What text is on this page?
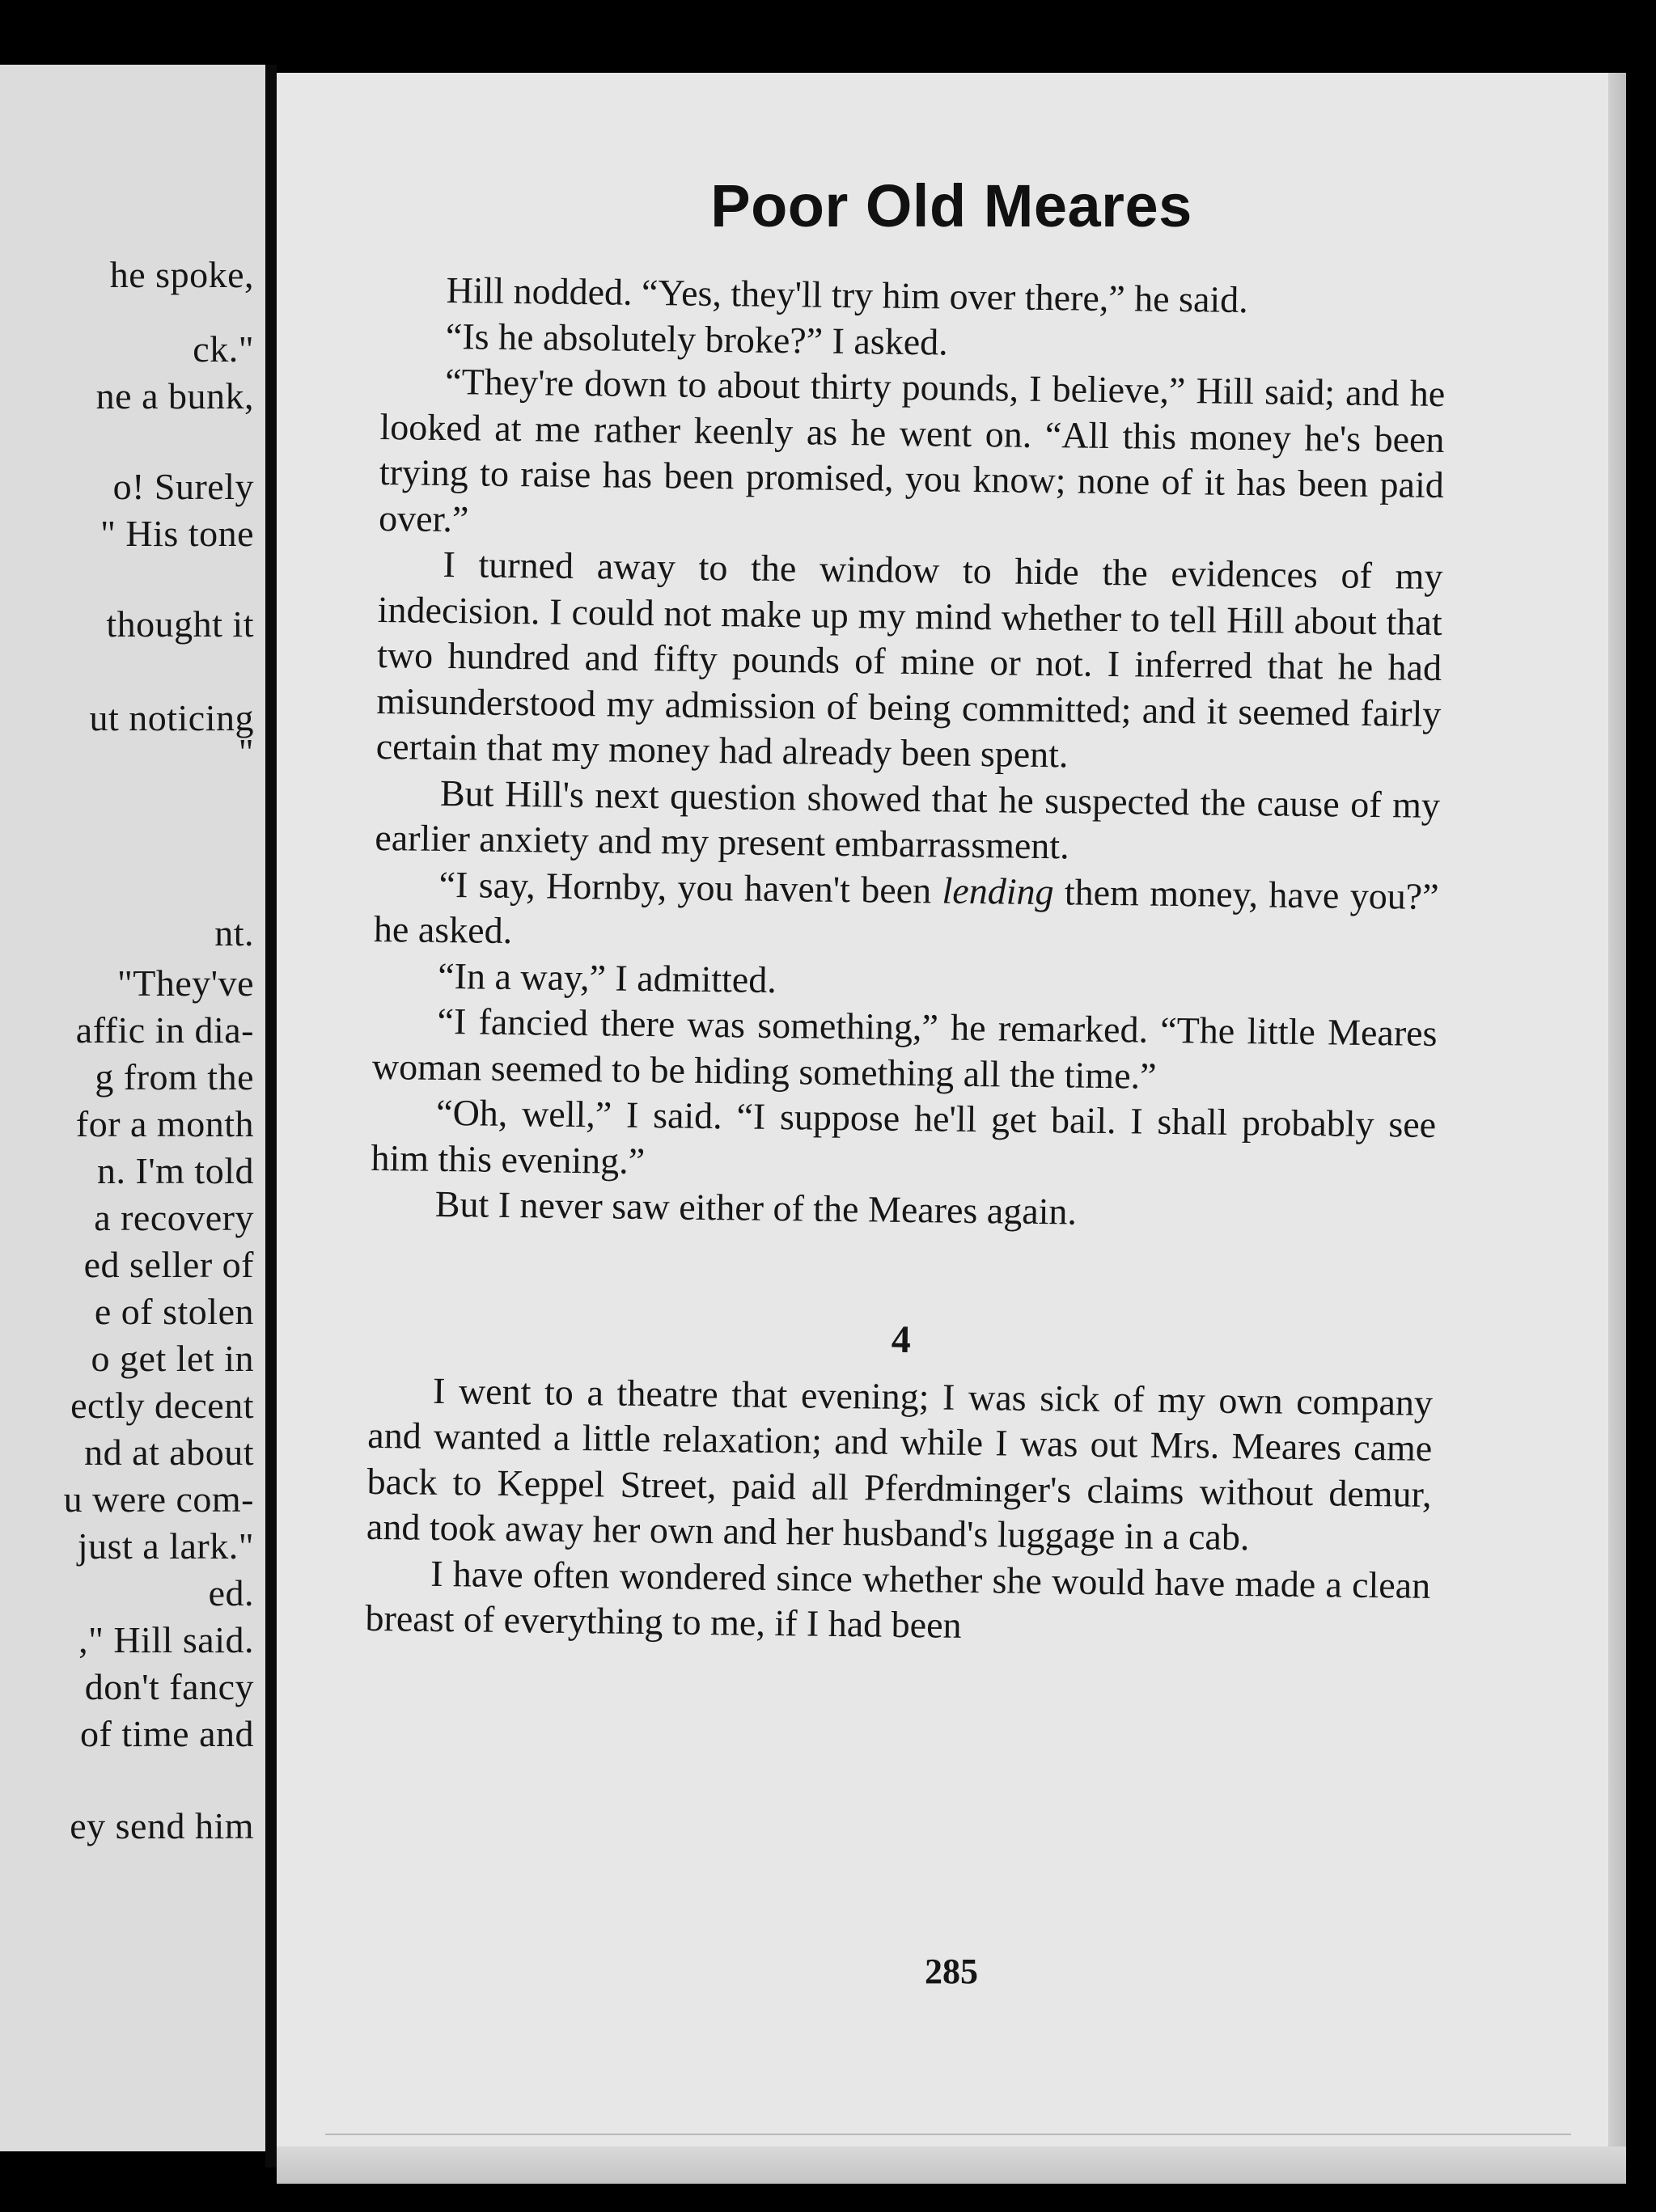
he spoke,
ck."
ne a bunk,
o! Surely
" His tone
thought it
ut noticing
"
nt.
"They've
affic in dia-
g from the
for a month
n. I'm told
a recovery
ed seller of
e of stolen
o get let in
ectly decent
nd at about
u were com-
just a lark."
ed.
," Hill said.
don't fancy
of time and
ey send him
Poor Old Meares

Hill nodded. “Yes, they'll try him over there,” he said.

“Is he absolutely broke?” I asked.

“They're down to about thirty pounds, I believe,” Hill said; and he looked at me rather keenly as he went on. “All this money he's been trying to raise has been promised, you know; none of it has been paid over.”

I turned away to the window to hide the evidences of my indecision. I could not make up my mind whether to tell Hill about that two hundred and fifty pounds of mine or not. I inferred that he had misunderstood my admission of being committed; and it seemed fairly certain that my money had already been spent.

But Hill's next question showed that he suspected the cause of my earlier anxiety and my present embarrassment.

“I say, Hornby, you haven't been lending them money, have you?” he asked.

“In a way,” I admitted.

“I fancied there was something,” he remarked. “The little Meares woman seemed to be hiding something all the time.”

“Oh, well,” I said. “I suppose he'll get bail. I shall probably see him this evening.”

But I never saw either of the Meares again.

4

I went to a theatre that evening; I was sick of my own company and wanted a little relaxation; and while I was out Mrs. Meares came back to Keppel Street, paid all Pferdminger's claims without demur, and took away her own and her husband's luggage in a cab.

I have often wondered since whether she would have made a clean breast of everything to me, if I had been

285
